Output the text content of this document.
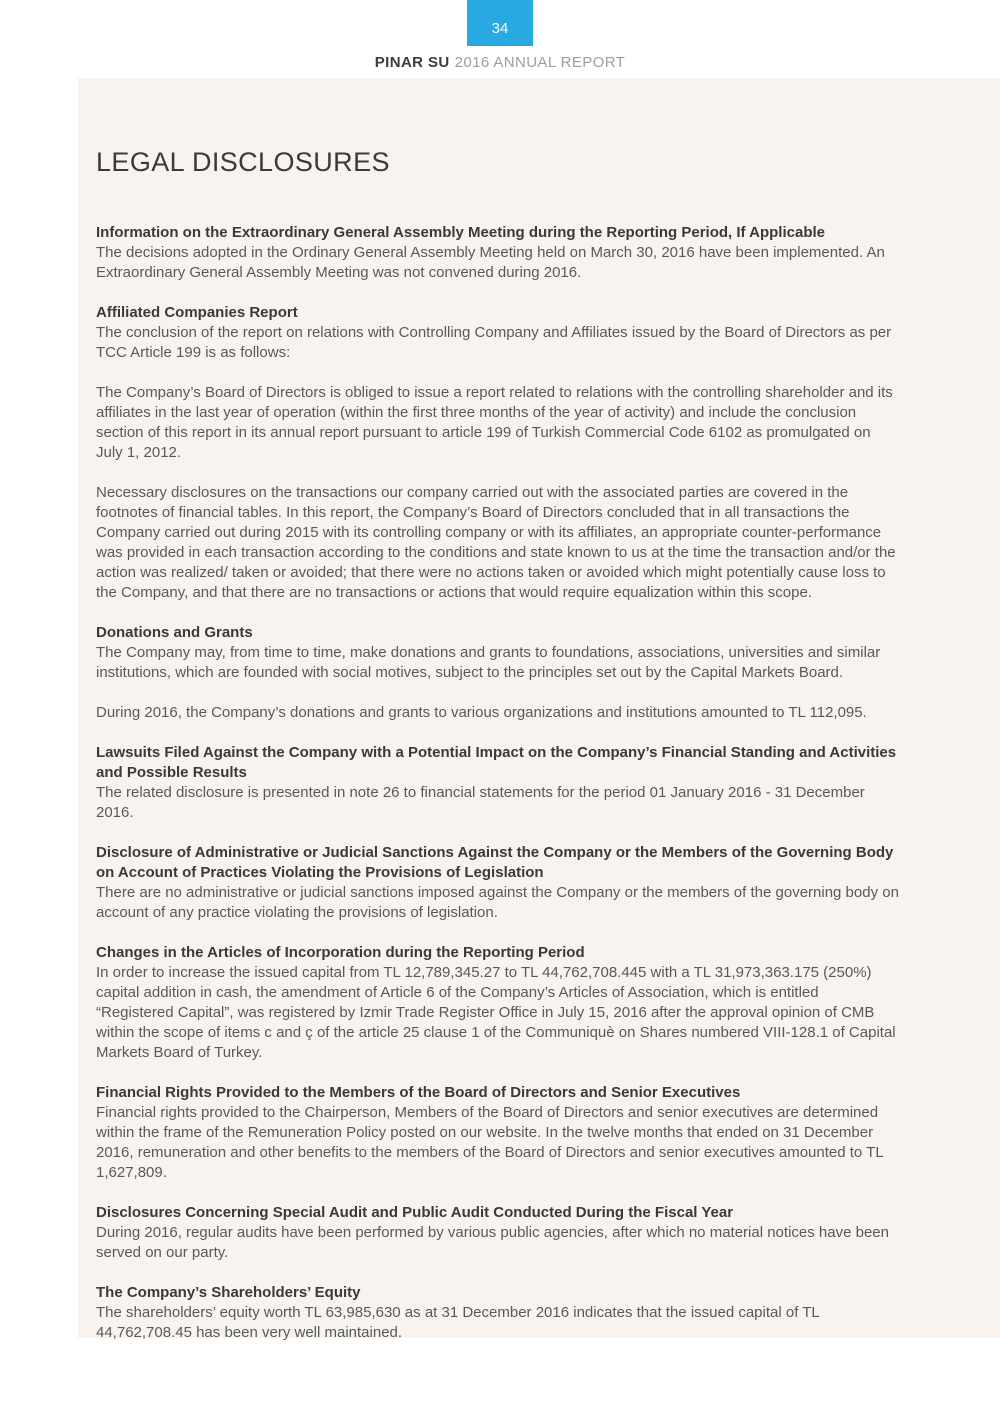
34
PINAR SU 2016 ANNUAL REPORT
LEGAL DISCLOSURES
Information on the Extraordinary General Assembly Meeting during the Reporting Period, If Applicable

The decisions adopted in the Ordinary General Assembly Meeting held on March 30, 2016 have been implemented. An Extraordinary General Assembly Meeting was not convened during 2016.

Affiliated Companies Report

The conclusion of the report on relations with Controlling Company and Affiliates issued by the Board of Directors as per TCC Article 199 is as follows:

The Company’s Board of Directors is obliged to issue a report related to relations with the controlling shareholder and its affiliates in the last year of operation (within the first three months of the year of activity) and include the conclusion section of this report in its annual report pursuant to article 199 of Turkish Commercial Code 6102 as promulgated on July 1, 2012.

Necessary disclosures on the transactions our company carried out with the associated parties are covered in the footnotes of financial tables. In this report, the Company’s Board of Directors concluded that in all transactions the Company carried out during 2015 with its controlling company or with its affiliates, an appropriate counter-performance was provided in each transaction according to the conditions and state known to us at the time the transaction and/or the action was realized/ taken or avoided; that there were no actions taken or avoided which might potentially cause loss to the Company, and that there are no transactions or actions that would require equalization within this scope.

Donations and Grants

The Company may, from time to time, make donations and grants to foundations, associations, universities and similar institutions, which are founded with social motives, subject to the principles set out by the Capital Markets Board.

During 2016, the Company’s donations and grants to various organizations and institutions amounted to TL 112,095.

Lawsuits Filed Against the Company with a Potential Impact on the Company’s Financial Standing and Activities and Possible Results

The related disclosure is presented in note 26 to financial statements for the period 01 January 2016 - 31 December 2016.

Disclosure of Administrative or Judicial Sanctions Against the Company or the Members of the Governing Body on Account of Practices Violating the Provisions of Legislation

There are no administrative or judicial sanctions imposed against the Company or the members of the governing body on account of any practice violating the provisions of legislation.

Changes in the Articles of Incorporation during the Reporting Period

In order to increase the issued capital from TL 12,789,345.27 to TL 44,762,708.445 with a TL 31,973,363.175 (250%) capital addition in cash, the amendment of Article 6 of the Company’s Articles of Association, which is entitled “Registered Capital”, was registered by Izmir Trade Register Office in July 15, 2016 after the approval opinion of CMB within the scope of items c and ç of the article 25 clause 1 of the Communiquè on Shares numbered VIII-128.1 of Capital Markets Board of Turkey.

Financial Rights Provided to the Members of the Board of Directors and Senior Executives

Financial rights provided to the Chairperson, Members of the Board of Directors and senior executives are determined within the frame of the Remuneration Policy posted on our website. In the twelve months that ended on 31 December 2016, remuneration and other benefits to the members of the Board of Directors and senior executives amounted to TL 1,627,809.

Disclosures Concerning Special Audit and Public Audit Conducted During the Fiscal Year

During 2016, regular audits have been performed by various public agencies, after which no material notices have been served on our party.

The Company’s Shareholders’ Equity

The shareholders’ equity worth TL 63,985,630 as at 31 December 2016 indicates that the issued capital of TL 44,762,708.45 has been very well maintained.
